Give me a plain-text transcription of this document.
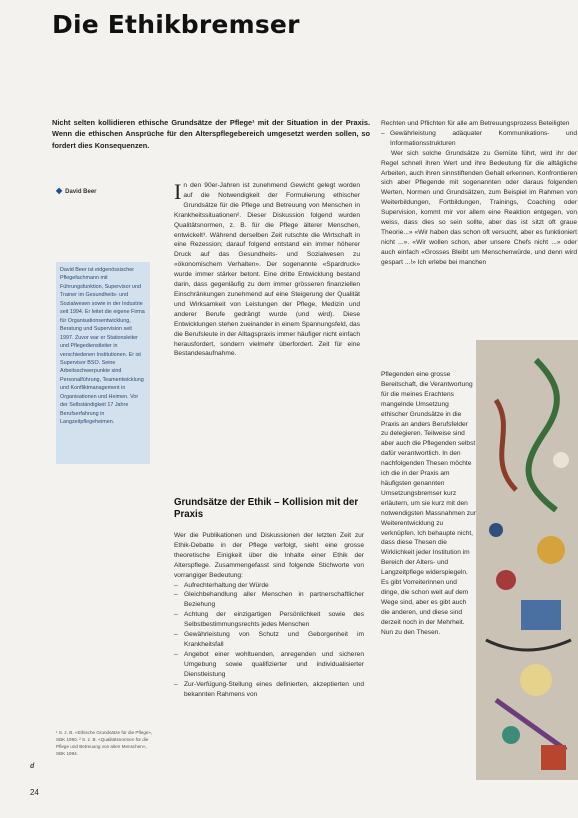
Die Ethikbremser
Nicht selten kollidieren ethische Grundsätze der Pflege¹ mit der Situation in der Praxis. Wenn die ethischen Ansprüche für den Alterspflegebereich umgesetzt werden sollen, so fordert dies Konsequenzen.
◆ David Beer
David Beer ist eidgenössischer Pflegefachmann mit Führungsfunktion, Supervisor und Trainer im Gesundheits- und Sozialwesen sowie in der Industrie seit 1994. Er leitet die eigene Firma für Organisationsentwicklung, Beratung und Supervision seit 1997. Zuvor war er Stationsleiter und Pflegedienstleiter in verschiedenen Institutionen. Er ist Supervisor BSO. Seine Arbeitsschwerpunkte sind Personalführung, Teamentwicklung und Konfliktmanagement in Organisationen und Heimen. Vor der Selbständigkeit 17 Jahre Berufserfahrung in Langzeitpflegeheimen.
In den 90er-Jahren ist zunehmend Gewicht gelegt worden auf die Notwendigkeit der Formulierung ethischer Grundsätze für die Pflege und Betreuung von Menschen in Krankheitssituationen². Dieser Diskussion folgend wurden Qualitätsnormen, z. B. für die Pflege älterer Menschen, entwickelt³. Während derselben Zeit rutschte die Wirtschaft in eine Rezession; darauf folgend entstand ein immer höherer Druck auf das Gesundheits- und Sozialwesen zu «ökonomischem Verhalten». Der sogenannte «Spardruck» wurde immer stärker betont. Eine dritte Entwicklung bestand darin, dass gegenläufig zu dem immer grösseren finanziellen Einschränkungen zunehmend auf eine Steigerung der Qualität und Wirksamkeit von Leistungen der Pflege, Medizin und anderer Berufe gedrängt wurde (und wird). Diese Entwicklungen stehen zueinander in einem Spannungsfeld, das die Berufsleute in der Alltagspraxis immer häufiger nicht einfach herausfordert, sondern vielmehr überfordert. Zeit für eine Bestandesaufnahme.
Grundsätze der Ethik – Kollision mit der Praxis

Wer die Publikationen und Diskussionen der letzten Zeit zur Ethik-Debatte in der Pflege verfolgt, sieht eine grosse theoretische Einigkeit über die Inhalte einer Ethik der Alterspflege. Zusammengefasst sind folgende Stichworte von vorrangiger Bedeutung:

– Aufrechterhaltung der Würde
– Gleichbehandlung aller Menschen in partnerschaftlicher Beziehung
– Achtung der einzigartigen Persönlichkeit sowie des Selbstbestimmungsrechts jedes Menschen
– Gewährleistung von Schutz und Geborgenheit im Krankheitsfall
– Angebot einer wohltuenden, anregenden und sicheren Umgebung sowie qualifizierter und individualisierter Dienstleistung
– Zur-Verfügung-Stellung eines definierten, akzeptierten und bekannten Rahmens von

Rechten und Pflichten für alle am Betreuungsprozess Beteiligten

– Gewährleistung adäquater Kommunikations- und Informationsstrukturen

Wer sich solche Grundsätze zu Gemüte führt, wird ihr der Regel schnell ihren Wert und ihre Bedeutung für die alltägliche Arbeiten, auch ihren sinnstiftenden Gehalt erkennen. Konfrontieren sich aber Pflegende mit sogenannten oder daraus folgenden Werten, Normen und Grundsätzen, zum Beispiel im Rahmen von Weiterbildungen, Fortbildungen, Trainings, Coaching oder Supervision, kommt mir vor allem eine Reaktion entgegen, von weiss, dass dies so sein sollte, aber das ist sitzt oft graue Theorie...» «Wir haben das schon oft versucht, aber es funktioniert nicht ...». «Wir wollen schon, aber unsere Chefs nicht ...» oder auch einfach «Grosses Bleibt um Menschenwürde, und denn wird gespart ...!» Ich erlebe bei manchen

Pflegenden eine grosse Bereitschaft, die Verantwortung für die meines Erachtens mangelnde Umsetzung ethischer Grundsätze in die Praxis an anders Berufsfelder zu delegieren. Teilweise sind aber auch die Pflegenden selbst dafür verantwortlich. In den nachfolgenden Thesen möchte ich die in der Praxis am häufigsten genannten Umsetzungsbremser kurz erläutern, um sie kurz mit den notwendigsten Massnahmen zur Weiterentwicklung zu verknüpfen. Ich behaupte nicht, dass diese Thesen die Wirklichkeit jeder Institution im Bereich der Alters- und Langzeitpflege widerspiegeln. Es gibt Vorreiterinnen und dinge, die schon weit auf dem Wege sind, aber es gibt auch die anderen, und diese sind derzeit noch in der Mehrheit. Nun zu den Thesen.
¹ S. z. B. «Ethische Grundsätze für die Pflege», SBK 1990. ² S. z. B. «Qualitätsnormen für die Pflege und Betreuung von alten Menschen», SBK 1994.
d
24
